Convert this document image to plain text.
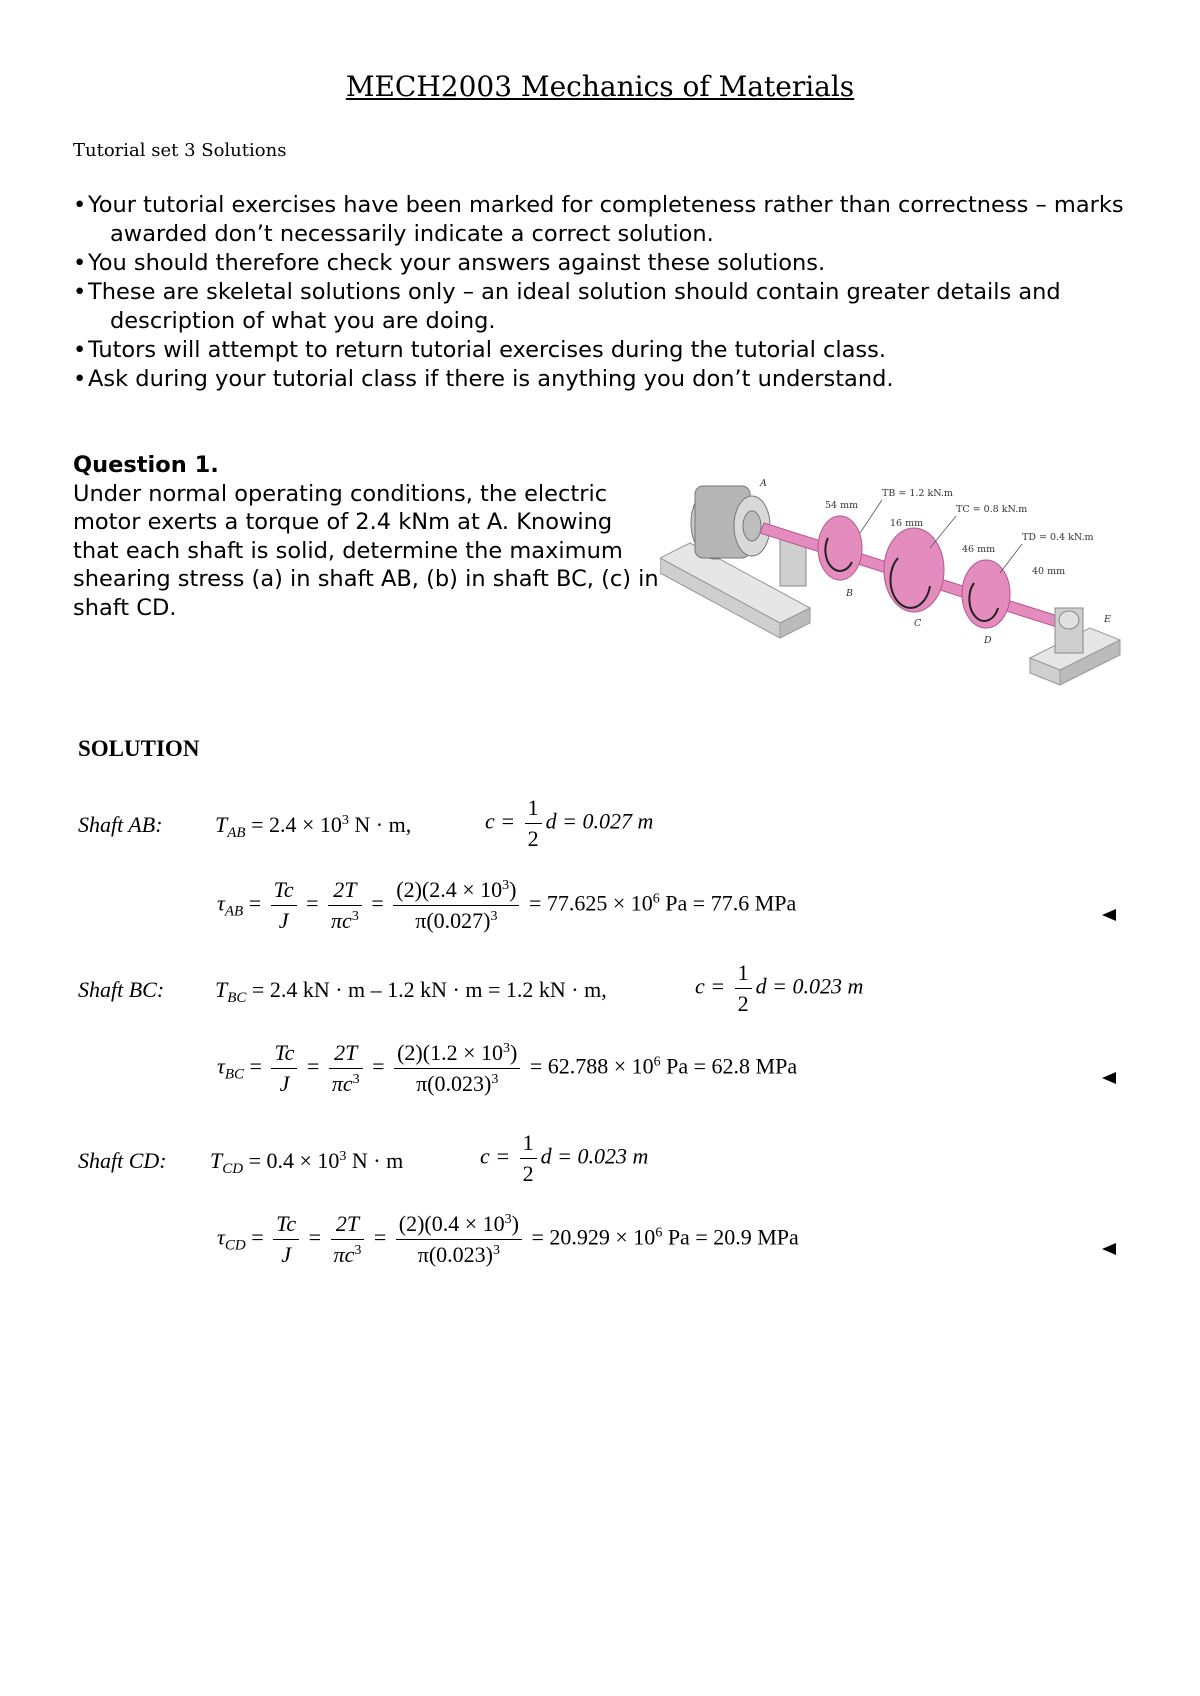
MECH2003 Mechanics of Materials
Tutorial set 3 Solutions
•Your tutorial exercises have been marked for completeness rather than correctness – marks awarded don’t necessarily indicate a correct solution.
•You should therefore check your answers against these solutions.
•These are skeletal solutions only – an ideal solution should contain greater details and description of what you are doing.
•Tutors will attempt to return tutorial exercises during the tutorial class.
•Ask during your tutorial class if there is anything you don’t understand.
Question 1.
Under normal operating conditions, the electric motor exerts a torque of 2.4 kNm at A. Knowing that each shaft is solid, determine the maximum shearing stress (a) in shaft AB, (b) in shaft BC, (c) in shaft CD.
A
B
C
D
E
54 mm
16 mm
46 mm
40 mm
TB = 1.2 kN.m
TC = 0.8 kN.m
TD = 0.4 kN.m
SOLUTION
Shaft AB: $T_{AB} = 2.4 \times 10^3$ N · m,	$c = \frac{1}{2}$ d = 0.027 m
$\tau_{AB} = \frac{Tc}{J} = \frac{2T}{\pi c^3} = \frac{(2)(2.4 \times 10^3)}{\pi(0.027)^3} = 77.625 \times 10^6$ Pa = 77.6 MPa
Shaft BC: $T_{BC} = 2.4$ kN · m – 1.2 kN · m = 1.2 kN · m,	$c = \frac{1}{2}$ d = 0.023 m
$\tau_{BC} = \frac{Tc}{J} = \frac{2T}{\pi c^3} = \frac{(2)(1.2 \times 10^3)}{\pi(0.023)^3} = 62.788 \times 10^6$ Pa = 62.8 MPa
Shaft CD: $T_{CD} = 0.4 \times 10^3$ N · m	$c = \frac{1}{2}$ d = 0.023 m
$\tau_{CD} = \frac{Tc}{J} = \frac{2T}{\pi c^3} = \frac{(2)(0.4 \times 10^3)}{\pi(0.023)^3} = 20.929 \times 10^6$ Pa = 20.9 MPa
